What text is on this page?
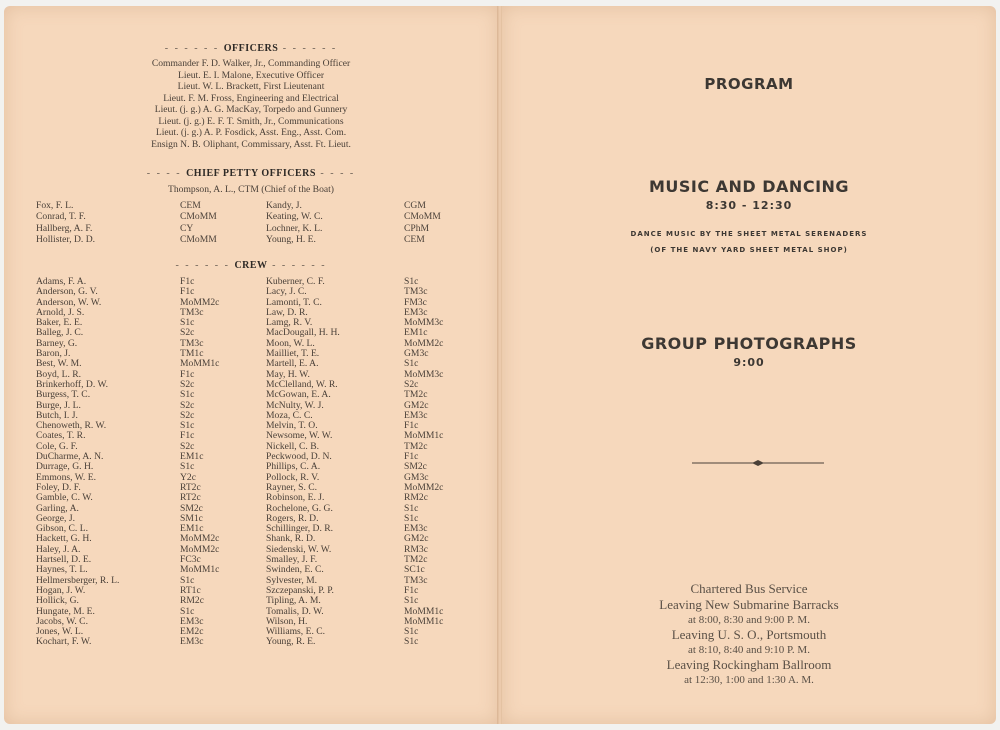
- - - - - - OFFICERS - - - - - -
Commander F. D. Walker, Jr., Commanding Officer
Lieut. E. I. Malone, Executive Officer
Lieut. W. L. Brackett, First Lieutenant
Lieut. F. M. Fross, Engineering and Electrical
Lieut. (j. g.) A. G. MacKay, Torpedo and Gunnery
Lieut. (j. g.) E. F. T. Smith, Jr., Communications
Lieut. (j. g.) A. P. Fosdick, Asst. Eng., Asst. Com.
Ensign N. B. Oliphant, Commissary, Asst. Ft. Lieut.
- - - - CHIEF PETTY OFFICERS - - - -
Thompson, A. L., CTM (Chief of the Boat)
Fox, F. L.	CEM	Kandy, J.	CGM
Conrad, T. F.	CMoMM	Keating, W. C.	CMoMM
Hallberg, A. F.	CY	Lochner, K. L.	CPhM
Hollister, D. D.	CMoMM	Young, H. E.	CEM
- - - - - - CREW - - - - - -
Adams, F. A.	F1c	Kuberner, C. F.	S1c
Anderson, G. V.	F1c	Lacy, J. C.	TM3c
Anderson, W. W.	MoMM2c	Lamonti, T. C.	FM3c
Arnold, J. S.	TM3c	Law, D. R.	EM3c
Baker, E. E.	S1c	Lamg, R. V.	MoMM3c
Balleg, J. C.	S2c	MacDougall, H. H.	EM1c
Barney, G.	TM3c	Moon, W. L.	MoMM2c
Baron, J.	TM1c	Mailliet, T. E.	GM3c
Best, W. M.	MoMM1c	Martell, E. A.	S1c
Boyd, L. R.	F1c	May, H. W.	MoMM3c
Brinkerhoff, D. W.	S2c	McClelland, W. R.	S2c
Burgess, T. C.	S1c	McGowan, E. A.	TM2c
Burge, J. L.	S2c	McNulty, W. J.	GM2c
Butch, I. J.	S2c	Moza, C. C.	EM3c
Chenoweth, R. W.	S1c	Melvin, T. O.	F1c
Coates, T. R.	F1c	Newsome, W. W.	MoMM1c
Cole, G. F.	S2c	Nickell, C. B.	TM2c
DuCharme, A. N.	EM1c	Peckwood, D. N.	F1c
Durrage, G. H.	S1c	Phillips, C. A.	SM2c
Emmons, W. E.	Y2c	Pollock, R. V.	GM3c
Foley, D. F.	RT2c	Rayner, S. C.	MoMM2c
Gamble, C. W.	RT2c	Robinson, E. J.	RM2c
Garling, A.	SM2c	Rochelone, G. G.	S1c
George, J.	SM1c	Rogers, R. D.	S1c
Gibson, C. L.	EM1c	Schillinger, D. R.	EM3c
Hackett, G. H.	MoMM2c	Shank, R. D.	GM2c
Haley, J. A.	MoMM2c	Siedenski, W. W.	RM3c
Hartsell, D. E.	FC3c	Smalley, J. F.	TM2c
Haynes, T. L.	MoMM1c	Swinden, E. C.	SC1c
Hellmersberger, R. L.	S1c	Sylvester, M.	TM3c
Hogan, J. W.	RT1c	Szczepanski, P. P.	F1c
Hollick, G.	RM2c	Tipling, A. M.	S1c
Hungate, M. E.	S1c	Tomalis, D. W.	MoMM1c
Jacobs, W. C.	EM3c	Wilson, H.	MoMM1c
Jones, W. L.	EM2c	Williams, E. C.	S1c
Kochart, F. W.	EM3c	Young, R. E.	S1c
PROGRAM
MUSIC AND DANCING
8:30 - 12:30
DANCE MUSIC BY THE SHEET METAL SERENADERS
(OF THE NAVY YARD SHEET METAL SHOP)
GROUP PHOTOGRAPHS
9:00
Chartered Bus Service
Leaving New Submarine Barracks
at 8:00, 8:30 and 9:00 P. M.
Leaving U. S. O., Portsmouth
at 8:10, 8:40 and 9:10 P. M.
Leaving Rockingham Ballroom
at 12:30, 1:00 and 1:30 A. M.
